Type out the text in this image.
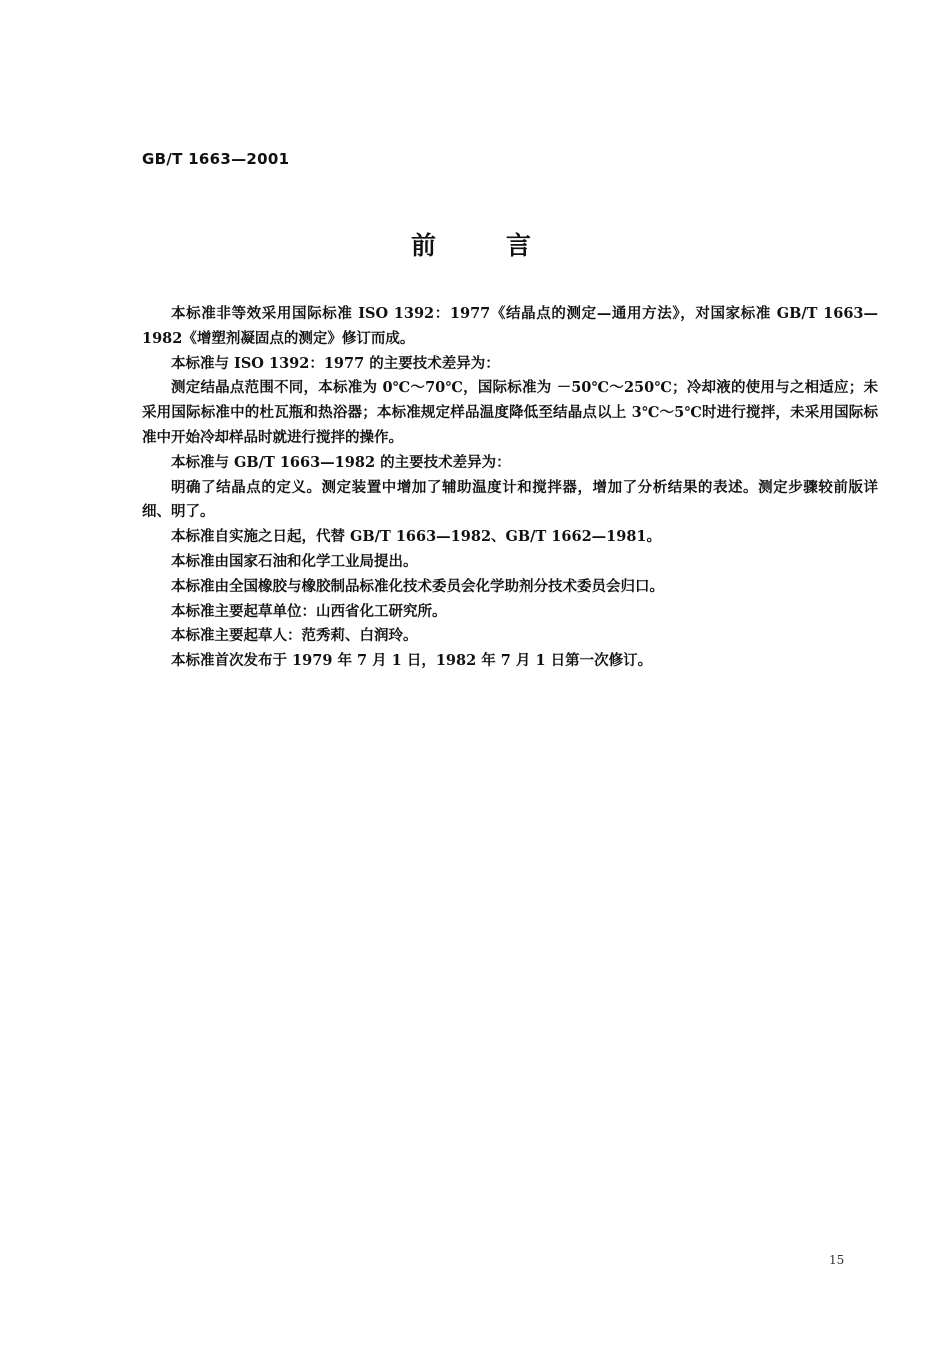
GB/T 1663—2001
前言

本标准非等效采用国际标准 ISO 1392：1977《结晶点的测定—通用方法》，对国家标准 GB/T 1663—1982《增塑剂凝固点的测定》修订而成。

本标准与 ISO 1392：1977 的主要技术差异为：

测定结晶点范围不同，本标准为 0℃～70℃，国际标准为 －50℃～250℃；冷却液的使用与之相适应；未采用国际标准中的杜瓦瓶和热浴器；本标准规定样品温度降低至结晶点以上 3℃～5℃时进行搅拌，未采用国际标准中开始冷却样品时就进行搅拌的操作。

本标准与 GB/T 1663—1982 的主要技术差异为：

明确了结晶点的定义。测定装置中增加了辅助温度计和搅拌器，增加了分析结果的表述。测定步骤较前版详细、明了。

本标准自实施之日起，代替 GB/T 1663—1982、GB/T 1662—1981。

本标准由国家石油和化学工业局提出。

本标准由全国橡胶与橡胶制品标准化技术委员会化学助剂分技术委员会归口。

本标准主要起草单位：山西省化工研究所。

本标准主要起草人：范秀莉、白润玲。

本标准首次发布于 1979 年 7 月 1 日，1982 年 7 月 1 日第一次修订。

15
